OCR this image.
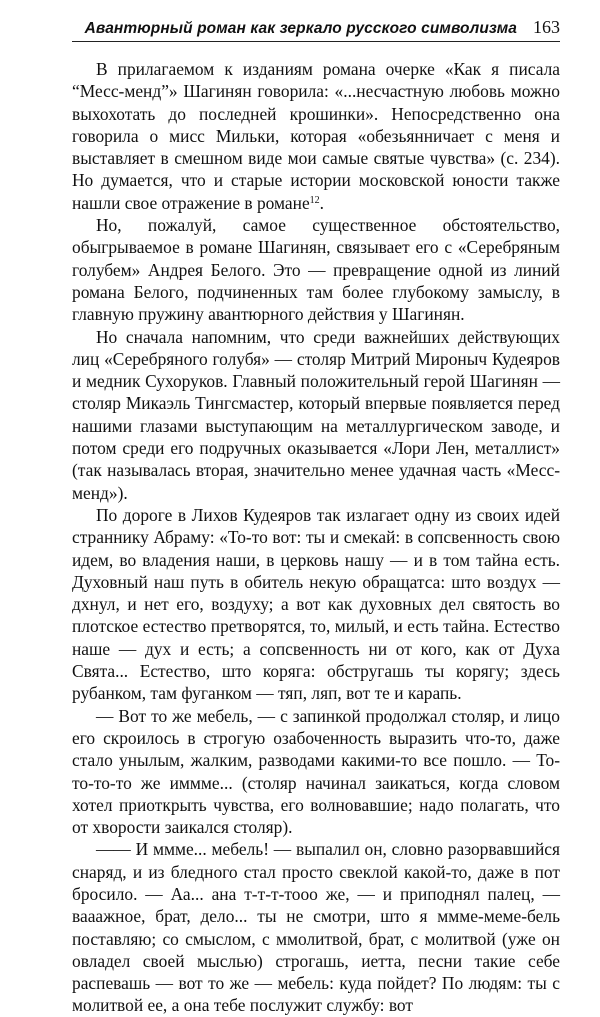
Авантюрный роман как зеркало русского символизма 163

В прилагаемом к изданиям романа очерке «Как я писала “Месс-менд”» Шагинян говорила: «...несчастную любовь можно выхохотать до последней крошинки». Непосредственно она говорила о мисс Мильки, которая «обезьянничает с меня и выставляет в смешном виде мои самые святые чувства» (с. 234). Но думается, что и старые истории московской юности также нашли свое отражение в романе$^{12}$.

Но, пожалуй, самое существенное обстоятельство, обыгрываемое в романе Шагинян, связывает его с «Серебряным голубем» Андрея Белого. Это — превращение одной из линий романа Белого, подчиненных там более глубокому замыслу, в главную пружину авантюрного действия у Шагинян.

Но сначала напомним, что среди важнейших действующих лиц «Серебряного голубя» — столяр Митрий Мироныч Кудеяров и медник Сухоруков. Главный положительный герой Шагинян — столяр Микаэль Тингсмастер, который впервые появляется перед нашими глазами выступающим на металлургическом заводе, и потом среди его подручных оказывается «Лори Лен, металлист» (так называлась вторая, значительно менее удачная часть «Месс-менд»).

По дороге в Лихов Кудеяров так излагает одну из своих идей страннику Абраму: «То-то вот: ты и смекай: в сопсвенность свою идем, во владения наши, в церковь нашу — и в том тайна есть. Духовный наш путь в обитель некую обращатса: што воздух — дхнул, и нет его, воздуху; а вот как духовных дел святость во плотское естество претворятся, то, милый, и есть тайна. Естество наше — дух и есть; а сопсвенность ни от кого, как от Духа Свята... Естество, што коряга: обстругашь ты корягу; здесь рубанком, там фуганком — тяп, ляп, вот те и карапь.

— Вот то же мебель, — с запинкой продолжал столяр, и лицо его скроилось в строгую озабоченность выразить что-то, даже стало унылым, жалким, разводами какими-то все пошло. — То-то-то-то же иммме... (столяр начинал заикаться, когда словом хотел приоткрыть чувства, его волновавшие; надо полагать, что от хворости заикался столяр).

—— И ммме... мебель! — выпалил он, словно разорвавшийся снаряд, и из бледного стал просто свеклой какой-то, даже в пот бросило. — Аа... ана т-т-т-тооо же, — и приподнял палец, — вааажное, брат, дело... ты не смотри, што я ммме-меме-бель поставляю; со смыслом, с ммолитвой, брат, с молитвой (уже он овладел своей мыслью) строгашь, иетта, песни такие себе распевашь — вот то же — мебель: куда пойдет? По людям: ты с молитвой ее, а она тебе послужит службу: вот
